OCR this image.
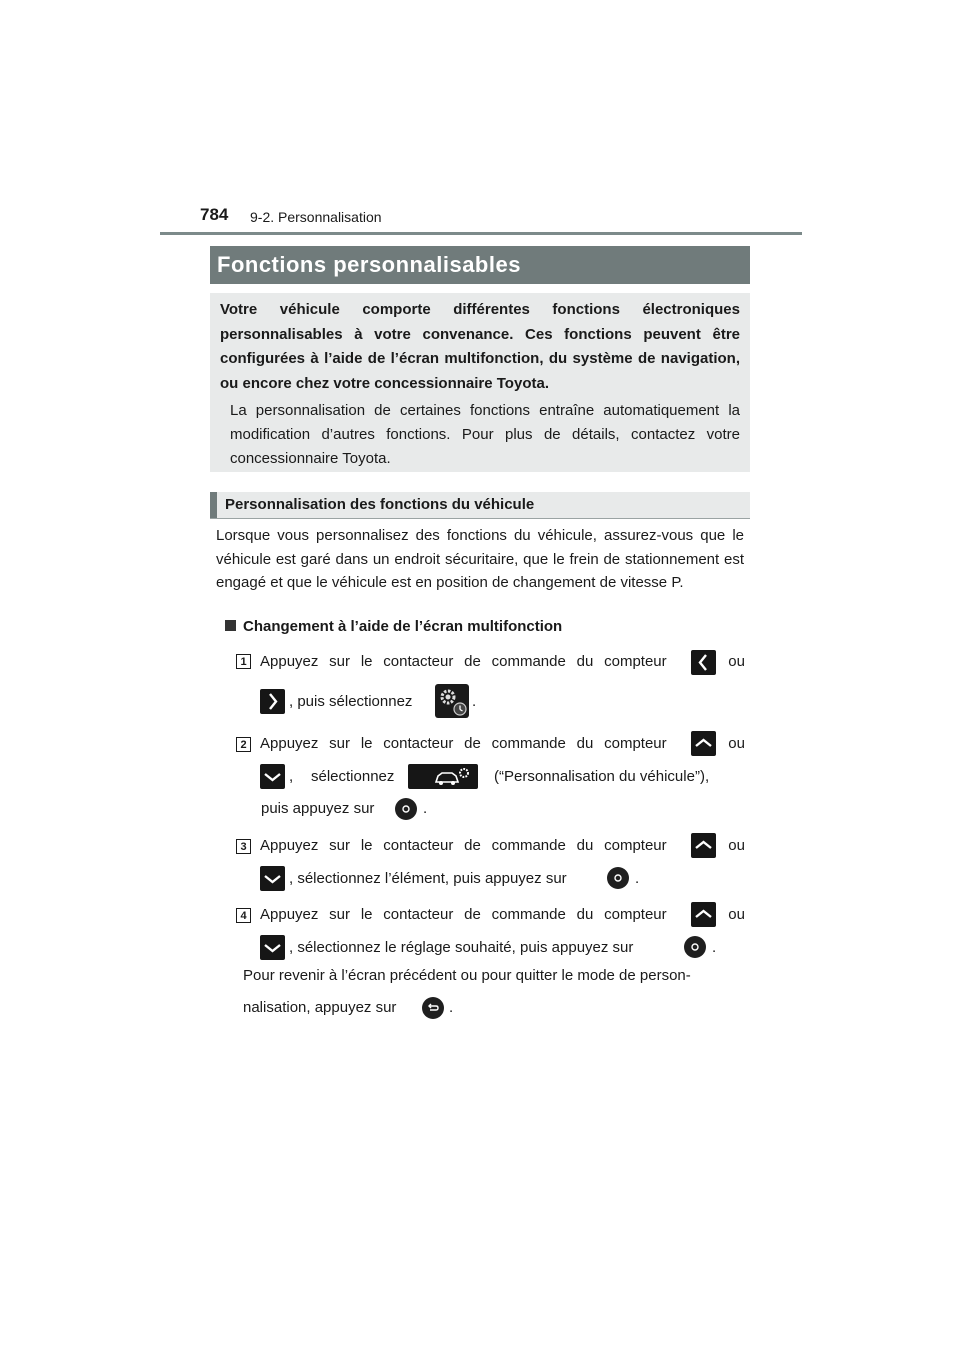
784 9-2. Personnalisation
Fonctions personnalisables

Votre véhicule comporte différentes fonctions électroniques personnalisables à votre convenance. Ces fonctions peuvent être configurées à l’aide de l’écran multifonction, du système de navigation, ou encore chez votre concessionnaire Toyota.

La personnalisation de certaines fonctions entraîne automatiquement la modification d’autres fonctions. Pour plus de détails, contactez votre concessionnaire Toyota.

Personnalisation des fonctions du véhicule

Lorsque vous personnalisez des fonctions du véhicule, assurez-vous que le véhicule est garé dans un endroit sécuritaire, que le frein de stationnement est engagé et que le véhicule est en position de changement de vitesse P.

Changement à l’aide de l’écran multifonction
1 Appuyez sur le contacteur de commande du compteur	ou
, puis sélectionnez	.
2 Appuyez sur le contacteur de commande du compteur	ou
, sélectionnez	(“Personnalisation du véhicule”),
puis appuyez sur	.
3 Appuyez sur le contacteur de commande du compteur	ou
, sélectionnez l’élément, puis appuyez sur	.
4 Appuyez sur le contacteur de commande du compteur	ou
, sélectionnez le réglage souhaité, puis appuyez sur	.
Pour revenir à l’écran précédent ou pour quitter le mode de person-
nalisation, appuyez sur	.
